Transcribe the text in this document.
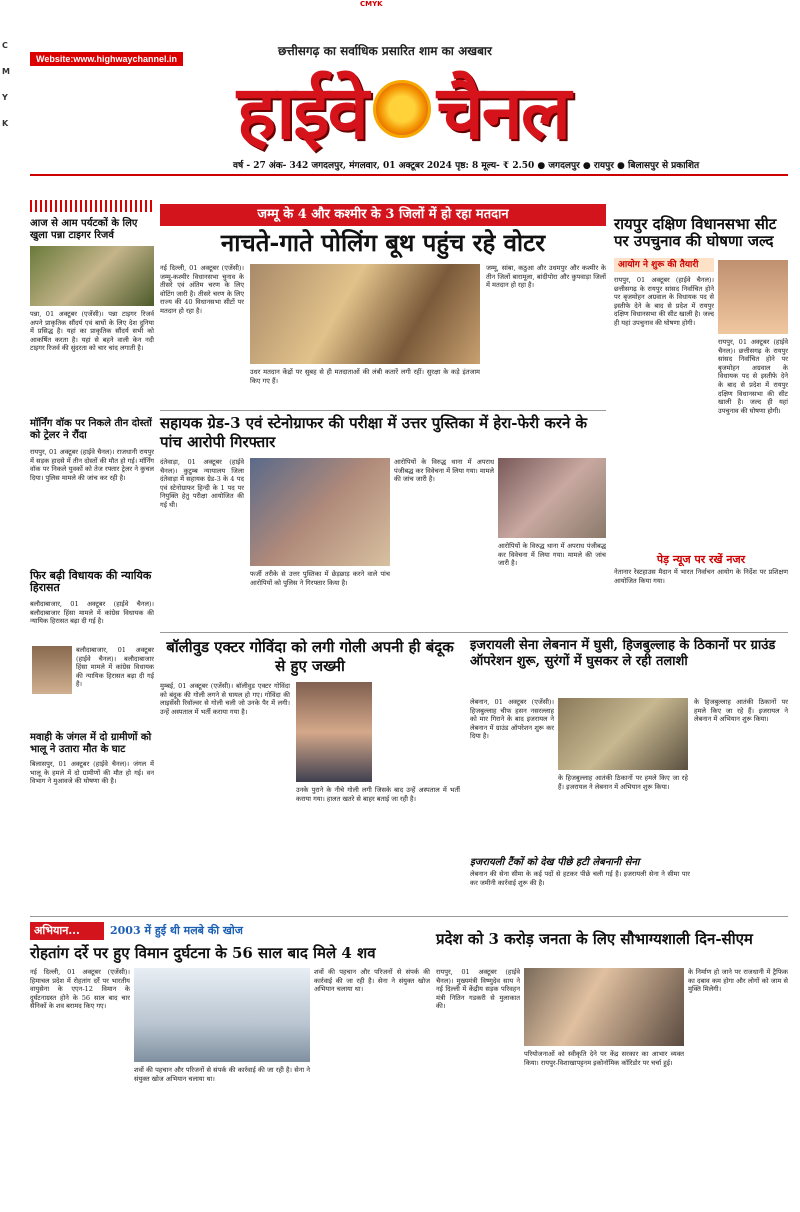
C
M
Y
K
CMYK
Website:www.highwaychannel.in
छत्तीसगढ़ का सर्वाधिक प्रसारित शाम का अखबार
हाईवे चैनल
वर्ष - 27 अंक- 342 जगदलपुर, मंगलवार, 01 अक्टूबर 2024 पृष्ठ: 8 मूल्य- ₹ 2.50 ● जगदलपुर ● रायपुर ● बिलासपुर से प्रकाशित
आज से आम पर्यटकों के लिए खुला पन्ना टाइगर रिजर्व
पन्ना, 01 अक्टूबर (एजेंसी)। पन्ना टाइगर रिजर्व अपने प्राकृतिक सौंदर्य एवं बाघों के लिए देश दुनिया में प्रसिद्ध है। यहां का प्राकृतिक सौंदर्य सभी को आकर्षित करता है। यहां से बहने वाली केन नदी टाइगर रिजर्व की सुंदरता को चार चांद लगाती है।
मॉर्निंग वॉक पर निकले तीन दोस्तों को ट्रेलर ने रौंदा
रायपुर, 01 अक्टूबर (हाईवे चैनल)। राजधानी रायपुर में सड़क हादसे में तीन दोस्तों की मौत हो गई। मॉर्निंग वॉक पर निकले युवकों को तेज रफ्तार ट्रेलर ने कुचल दिया। पुलिस मामले की जांच कर रही है।
फिर बढ़ी विधायक की न्यायिक हिरासत
बलौदाबाजार, 01 अक्टूबर (हाईवे चैनल)। बलौदाबाजार हिंसा मामले में कांग्रेस विधायक की न्यायिक हिरासत बढ़ा दी गई है।
बलौदाबाजार, 01 अक्टूबर (हाईवे चैनल)। बलौदाबाजार हिंसा मामले में कांग्रेस विधायक की न्यायिक हिरासत बढ़ा दी गई है।
मवाही के जंगल में दो ग्रामीणों को भालू ने उतारा मौत के घाट
बिलासपुर, 01 अक्टूबर (हाईवे चैनल)। जंगल में भालू के हमले में दो ग्रामीणों की मौत हो गई। वन विभाग ने मुआवजे की घोषणा की है।
जम्मू के 4 और कश्मीर के 3 जिलों में हो रहा मतदान
नाचते-गाते पोलिंग बूथ पहुंच रहे वोटर
नई दिल्ली, 01 अक्टूबर (एजेंसी)। जम्मू-कश्मीर विधानसभा चुनाव के तीसरे एवं अंतिम चरण के लिए वोटिंग जारी है। तीसरे चरण के लिए राज्य की 40 विधानसभा सीटों पर मतदान हो रहा है।
उधर मतदान केंद्रों पर सुबह से ही मतदाताओं की लंबी कतारें लगी रहीं। सुरक्षा के कड़े इंतजाम किए गए हैं।
जम्मू, सांबा, कठुआ और उधमपुर और कश्मीर के तीन जिलों बारामूला, बांदीपोरा और कुपवाड़ा जिलों में मतदान हो रहा है।
रायपुर दक्षिण विधानसभा सीट पर उपचुनाव की घोषणा जल्द
आयोग ने शुरू की तैयारी
रायपुर, 01 अक्टूबर (हाईवे चैनल)। छत्तीसगढ़ के रायपुर सांसद निर्वाचित होने पर बृजमोहन अग्रवाल के विधायक पद से इस्तीफे देने के बाद से प्रदेश में रायपुर दक्षिण विधानसभा की सीट खाली है। जल्द ही यहां उपचुनाव की घोषणा होगी।
रायपुर, 01 अक्टूबर (हाईवे चैनल)। छत्तीसगढ़ के रायपुर सांसद निर्वाचित होने पर बृजमोहन अग्रवाल के विधायक पद से इस्तीफे देने के बाद से प्रदेश में रायपुर दक्षिण विधानसभा की सीट खाली है। जल्द ही यहां उपचुनाव की घोषणा होगी।
पेड़ न्यूज पर रखें नजर
नेतानार रेस्टहाउस मैदान में भारत निर्वाचन आयोग के निर्देश पर प्रशिक्षण आयोजित किया गया।
सहायक ग्रेड-3 एवं स्टेनोग्राफर की परीक्षा में उत्तर पुस्तिका में हेरा-फेरी करने के पांच आरोपी गिरफ्तार
दंतेवाड़ा, 01 अक्टूबर (हाईवे चैनल)। कुटुम्ब न्यायालय जिला दंतेवाड़ा में सहायक ग्रेड-3 के 4 पद एवं स्टेनोग्राफर हिन्दी के 1 पद पर नियुक्ति हेतु परीक्षा आयोजित की गई थी।
फर्जी तरीके से उत्तर पुस्तिका में छेड़छाड़ करने वाले पांच आरोपियों को पुलिस ने गिरफ्तार किया है।
आरोपियों के विरुद्ध थाना में अपराध पंजीबद्ध कर विवेचना में लिया गया। मामले की जांच जारी है।
आरोपियों के विरुद्ध थाना में अपराध पंजीबद्ध कर विवेचना में लिया गया। मामले की जांच जारी है।
बॉलीवुड एक्टर गोविंदा को लगी गोली अपनी ही बंदूक से हुए जख्मी
मुम्बई, 01 अक्टूबर (एजेंसी)। बॉलीवुड एक्टर गोविंदा को बंदूक की गोली लगने से घायल हो गए। गोविंदा की लाइसेंसी रिवॉल्वर से गोली चली जो उनके पैर में लगी। उन्हें अस्पताल में भर्ती कराया गया है।
उनके पुराने के नीचे गोली लगी जिसके बाद उन्हें अस्पताल में भर्ती कराया गया। हालत खतरे से बाहर बताई जा रही है।
इजरायली सेना लेबनान में घुसी, हिजबुल्लाह के ठिकानों पर ग्राउंड ऑपरेशन शुरू, सुरंगों में घुसकर ले रही तलाशी
लेबनान, 01 अक्टूबर (एजेंसी)। हिजबुल्लाह चीफ हसन नसरल्लाह को मार गिराने के बाद इजरायल ने लेबनान में ग्राउंड ऑपरेशन शुरू कर दिया है।
के हिजबुल्लाह आतंकी ठिकानों पर हमले किए जा रहे हैं। इजरायल ने लेबनान में अभियान शुरू किया।
के हिजबुल्लाह आतंकी ठिकानों पर हमले किए जा रहे हैं। इजरायल ने लेबनान में अभियान शुरू किया।
इजरायली टैंकों को देख पीछे हटी लेबनानी सेना
लेबनान की सेना सीमा के कई पदों से हटकर पीछे चली गई है। इजरायली सेना ने सीमा पार कर जमीनी कार्रवाई शुरू की है।
अभियान...	2003 में हुई थी मलबे की खोज
रोहतांग दर्रे पर हुए विमान दुर्घटना के 56 साल बाद मिले 4 शव
नई दिल्ली, 01 अक्टूबर (एजेंसी)। हिमाचल प्रदेश में रोहतांग दर्रे पर भारतीय वायुसेना के एएन-12 विमान के दुर्घटनाग्रस्त होने के 56 साल बाद चार सैनिकों के शव बरामद किए गए।
शवों की पहचान और परिजनों से संपर्क की कार्रवाई की जा रही है। सेना ने संयुक्त खोज अभियान चलाया था।
शवों की पहचान और परिजनों से संपर्क की कार्रवाई की जा रही है। सेना ने संयुक्त खोज अभियान चलाया था।
प्रदेश को 3 करोड़ जनता के लिए सौभाग्यशाली दिन-सीएम
रायपुर, 01 अक्टूबर (हाईवे चैनल)। मुख्यमंत्री विष्णुदेव साय ने नई दिल्ली में केंद्रीय सड़क परिवहन मंत्री नितिन गडकरी से मुलाकात की।
परियोजनाओं को स्वीकृति देने पर केंद्र सरकार का आभार व्यक्त किया। रायपुर-विशाखापट्टनम इकोनॉमिक कॉरिडोर पर चर्चा हुई।
के निर्माण हो जाने पर राजधानी में ट्रैफिक का दबाव कम होगा और लोगों को जाम से मुक्ति मिलेगी।
